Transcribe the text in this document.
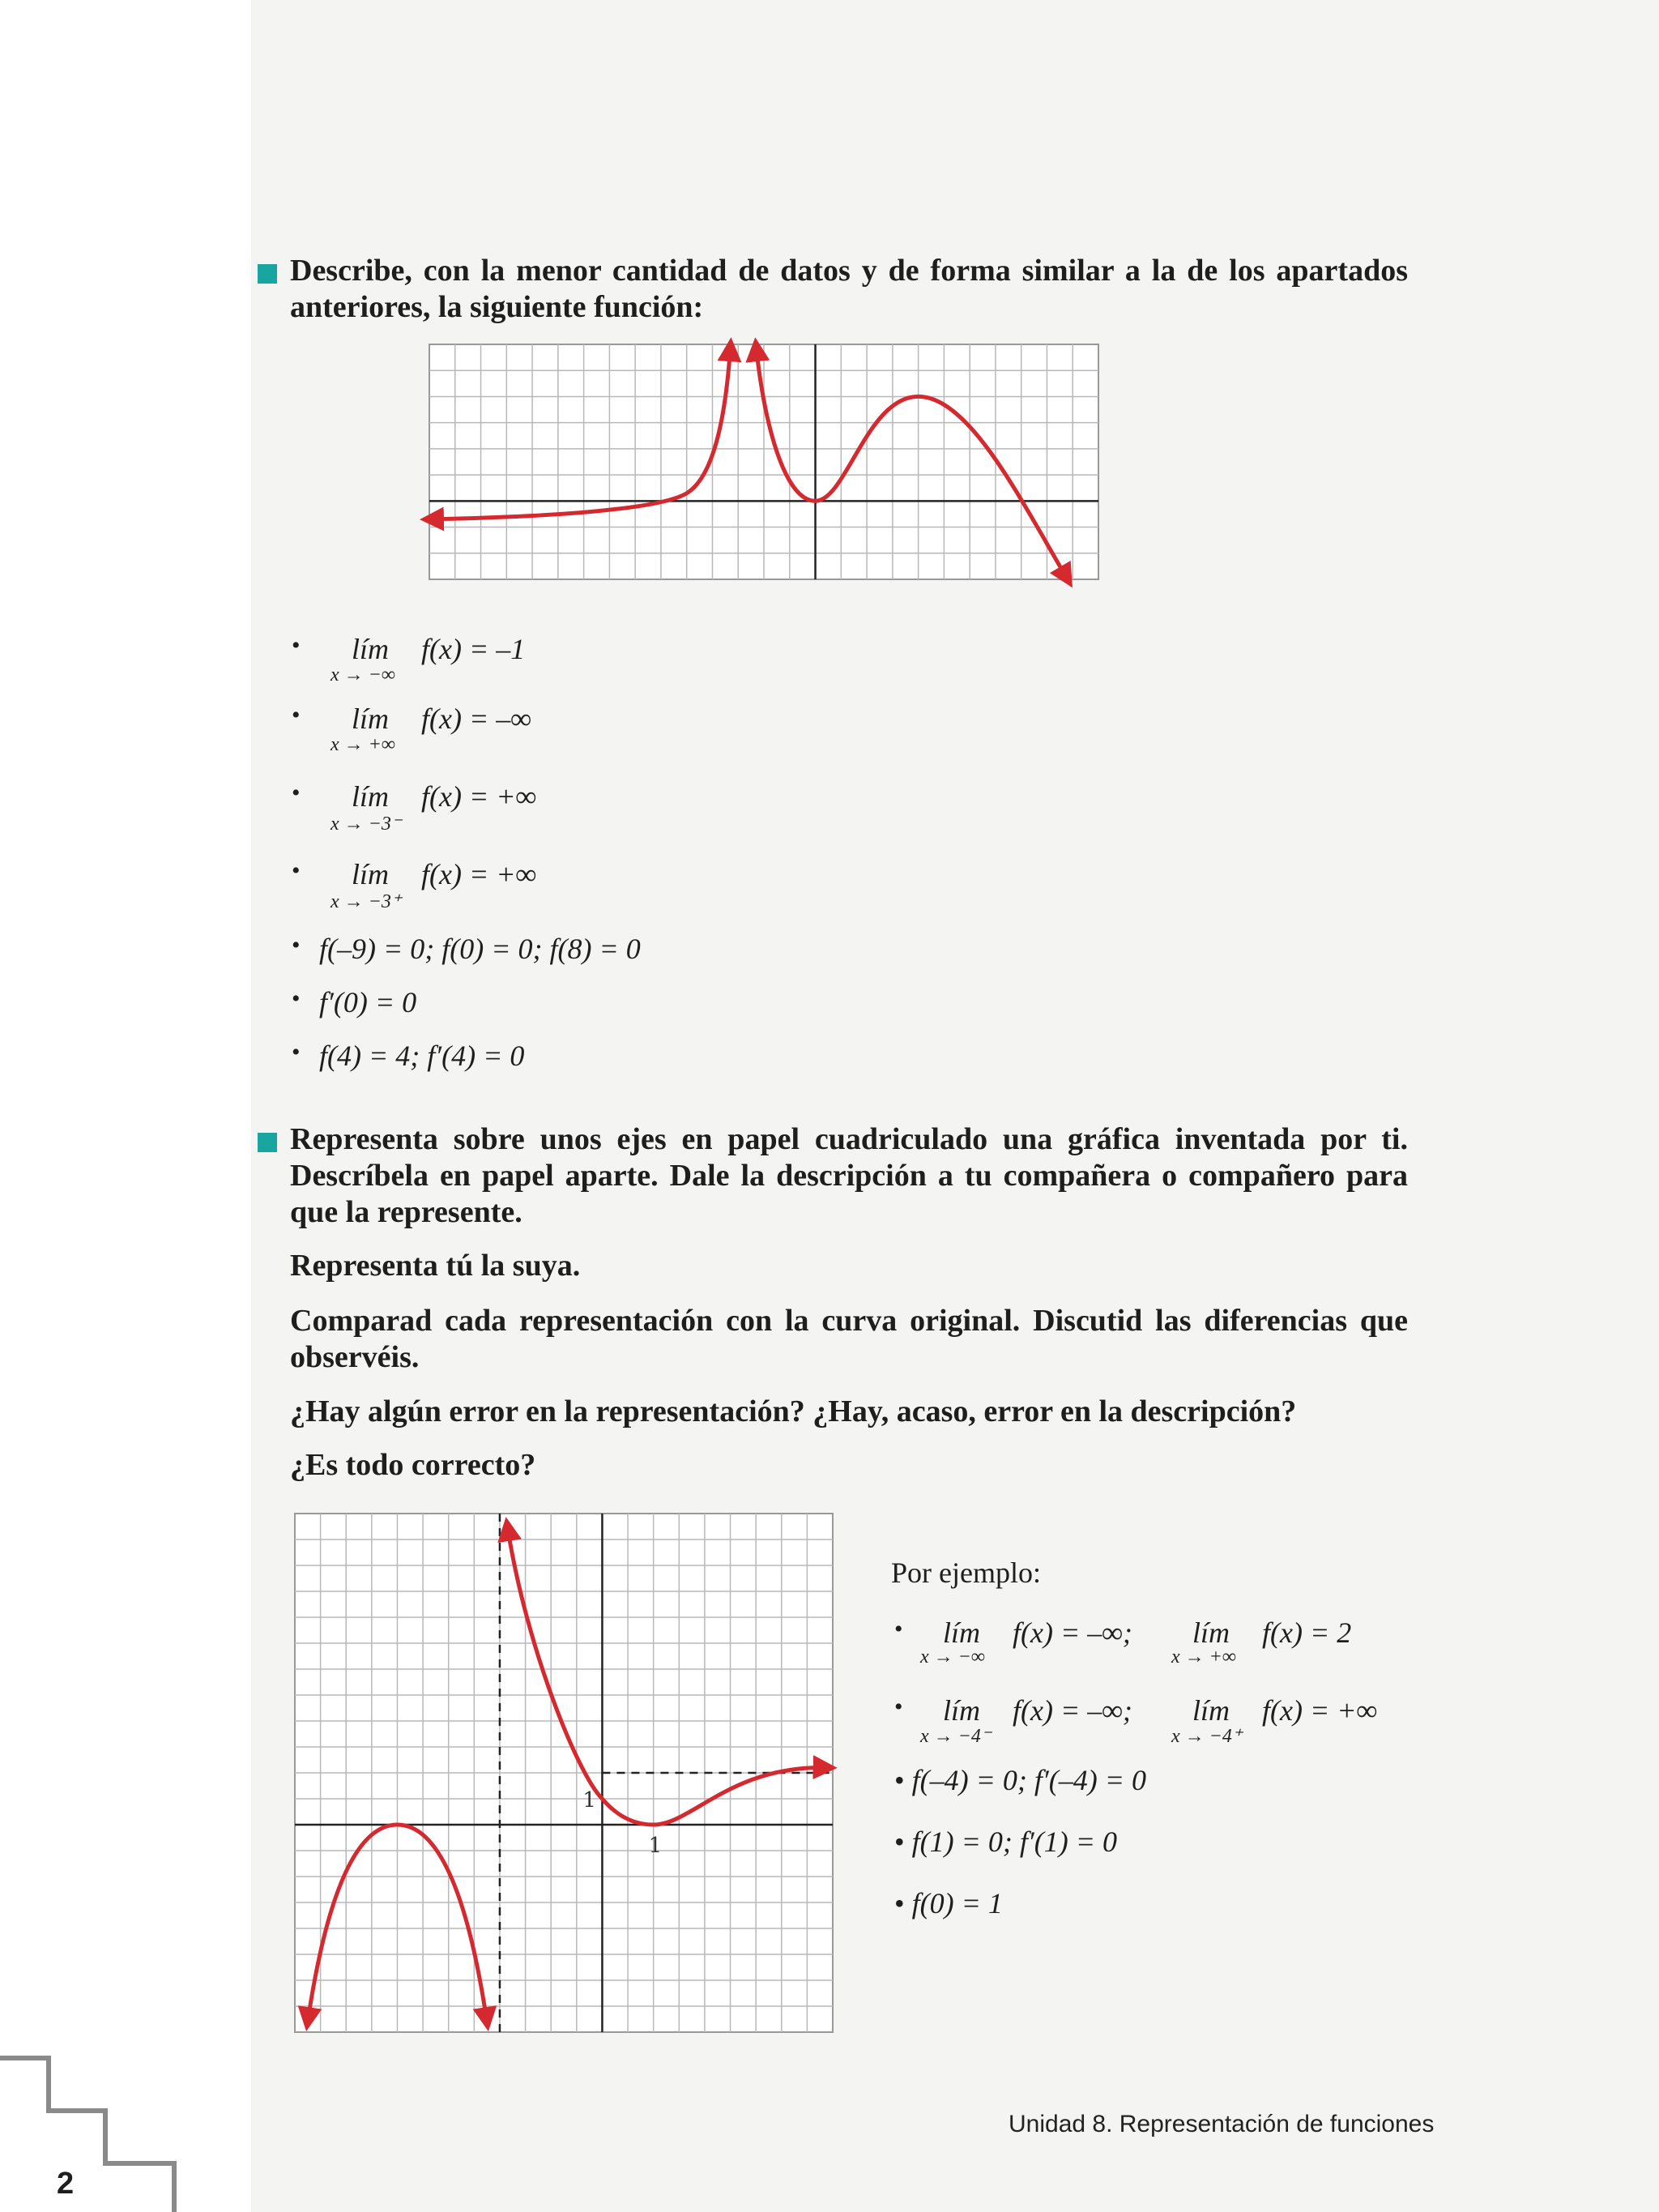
Describe, con la menor cantidad de datos y de forma similar a la de los apartados anteriores, la siguiente función:

• lím
x → −∞
f(x) = –1
• lím
x → +∞
f(x) = –∞
• lím
x → −3⁻
f(x) = +∞
• lím
x → −3⁺
f(x) = +∞
• f(–9) = 0; f(0) = 0; f(8) = 0
• f′(0) = 0
• f(4) = 4; f′(4) = 0

Representa sobre unos ejes en papel cuadriculado una gráfica inventada por ti. Descríbela en papel aparte. Dale la descripción a tu compañera o compañero para que la represente.

Representa tú la suya.

Comparad cada representación con la curva original. Discutid las diferencias que observéis.

¿Hay algún error en la representación? ¿Hay, acaso, error en la descripción?

¿Es todo correcto?

1
1
Por ejemplo:
• lím
x → −∞
f(x) = –∞; lím
x → +∞
f(x) = 2
• lím
x → −4⁻
f(x) = –∞; lím
x → −4⁺
f(x) = +∞
• f(–4) = 0; f′(–4) = 0
• f(1) = 0; f′(1) = 0
• f(0) = 1
Unidad 8. Representación de funciones
2
